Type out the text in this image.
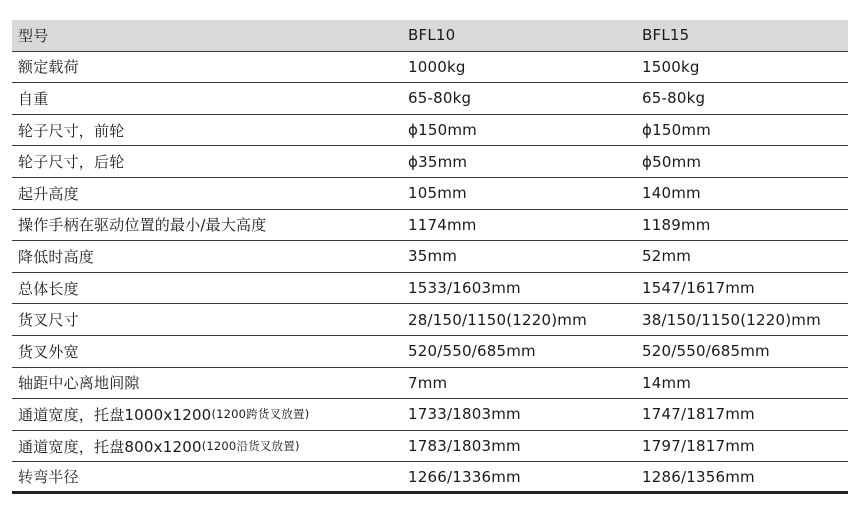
型号	BFL10	BFL15
额定载荷	1000kg	1500kg
自重	65-80kg	65-80kg
轮子尺寸，前轮	ϕ150mm	ϕ150mm
轮子尺寸，后轮	ϕ35mm	ϕ50mm
起升高度	105mm	140mm
操作手柄在驱动位置的最小/最大高度	1174mm	1189mm
降低时高度	35mm	52mm
总体长度	1533/1603mm	1547/1617mm
货叉尺寸	28/150/1150(1220)mm	38/150/1150(1220)mm
货叉外宽	520/550/685mm	520/550/685mm
轴距中心离地间隙	7mm	14mm
通道宽度，托盘1000x1200 (1200跨货叉放置)	1733/1803mm	1747/1817mm
通道宽度，托盘800x1200 (1200沿货叉放置)	1783/1803mm	1797/1817mm
转弯半径	1266/1336mm	1286/1356mm
